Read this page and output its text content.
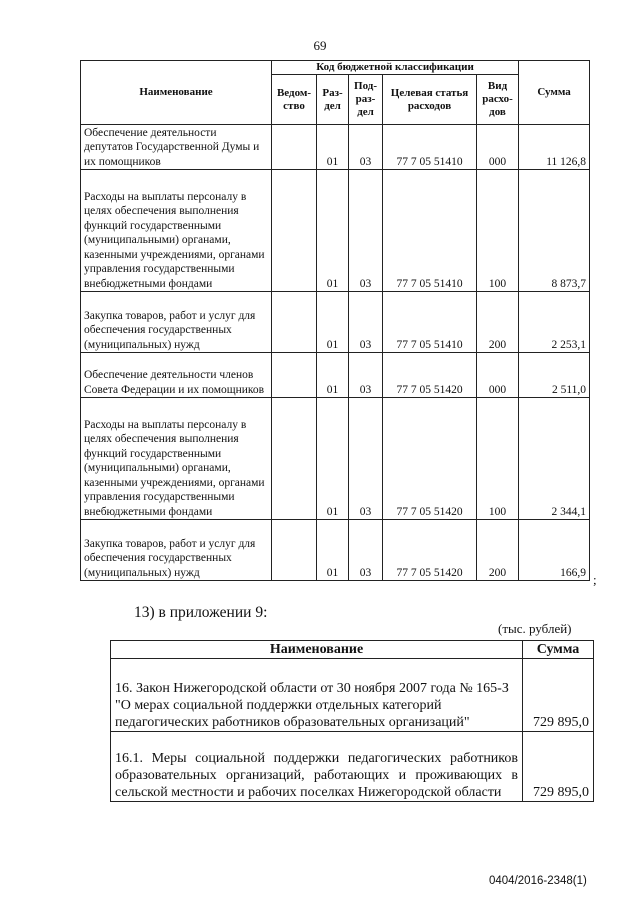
69
Наименование	Код бюджетной классификации					Сумма
	Ведом-ство	Раз-дел	Под-раз-дел	Целевая статья расходов	Вид расхо-дов	
Обеспечение деятельности депутатов Государственной Думы и их помощников		01	03	77 7 05 51410	000	11 126,8
Расходы на выплаты персоналу в целях обеспечения выполнения функций государственными (муниципальными) органами, казенными учреждениями, органами управления государственными внебюджетными фондами		01	03	77 7 05 51410	100	8 873,7
Закупка товаров, работ и услуг для обеспечения государственных (муниципальных) нужд		01	03	77 7 05 51410	200	2 253,1
Обеспечение деятельности членов Совета Федерации и их помощников		01	03	77 7 05 51420	000	2 511,0
Расходы на выплаты персоналу в целях обеспечения выполнения функций государственными (муниципальными) органами, казенными учреждениями, органами управления государственными внебюджетными фондами		01	03	77 7 05 51420	100	2 344,1
Закупка товаров, работ и услуг для обеспечения государственных (муниципальных) нужд		01	03	77 7 05 51420	200	166,9 ;
13) в приложении 9:
(тыс. рублей)
Наименование	Сумма
16. Закон Нижегородской области от 30 ноября 2007 года № 165-З "О мерах социальной поддержки отдельных категорий педагогических работников образовательных организаций"	729 895,0
16.1. Меры социальной поддержки педагогических работников образовательных организаций, работающих и проживающих в сельской местности и рабочих поселках Нижегородской области	729 895,0
0404/2016-2348(1)
